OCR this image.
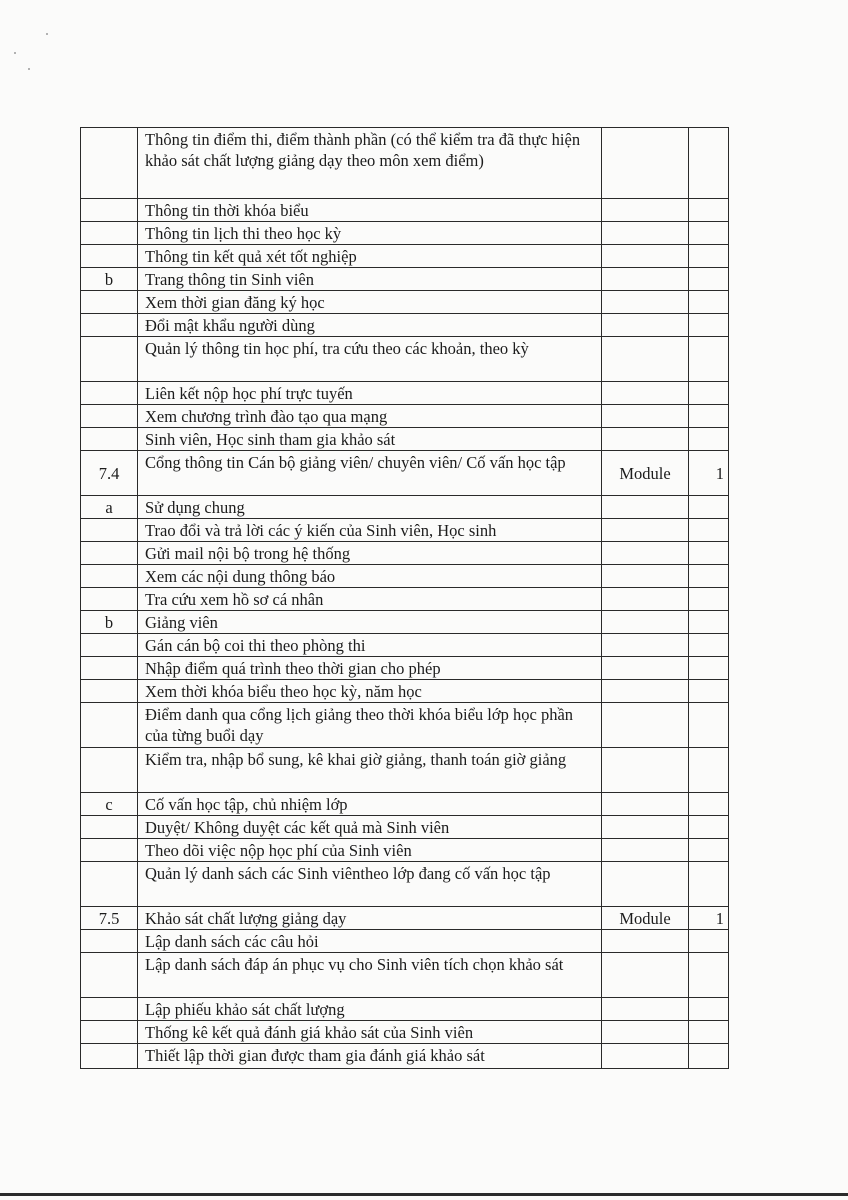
	Thông tin điểm thi, điểm thành phần (có thể kiểm tra đã thực hiện khảo sát chất lượng giảng dạy theo môn xem điểm)		
	Thông tin thời khóa biểu		
	Thông tin lịch thi theo học kỳ		
	Thông tin kết quả xét tốt nghiệp		
b	Trang thông tin Sinh viên		
	Xem thời gian đăng ký học		
	Đổi mật khẩu người dùng		
	Quản lý thông tin học phí, tra cứu theo các khoản, theo kỳ		
	Liên kết nộp học phí trực tuyến		
	Xem chương trình đào tạo qua mạng		
	Sinh viên, Học sinh tham gia khảo sát		
7.4	Cổng thông tin Cán bộ giảng viên/ chuyên viên/ Cố vấn học tập	Module	1
a	Sử dụng chung		
	Trao đổi và trả lời các ý kiến của Sinh viên, Học sinh		
	Gửi mail nội bộ trong hệ thống		
	Xem các nội dung thông báo		
	Tra cứu xem hồ sơ cá nhân		
b	Giảng viên		
	Gán cán bộ coi thi theo phòng thi		
	Nhập điểm quá trình theo thời gian cho phép		
	Xem thời khóa biểu theo học kỳ, năm học		
	Điểm danh qua cổng lịch giảng theo thời khóa biểu lớp học phần của từng buổi dạy		
	Kiểm tra, nhập bổ sung, kê khai giờ giảng, thanh toán giờ giảng		
c	Cố vấn học tập, chủ nhiệm lớp		
	Duyệt/ Không duyệt các kết quả mà Sinh viên		
	Theo dõi việc nộp học phí của Sinh viên		
	Quản lý danh sách các Sinh viêntheo lớp đang cố vấn học tập		
7.5	Khảo sát chất lượng giảng dạy	Module	1
	Lập danh sách các câu hỏi		
	Lập danh sách đáp án phục vụ cho Sinh viên tích chọn khảo sát		
	Lập phiếu khảo sát chất lượng		
	Thống kê kết quả đánh giá khảo sát của Sinh viên		
	Thiết lập thời gian được tham gia đánh giá khảo sát		
